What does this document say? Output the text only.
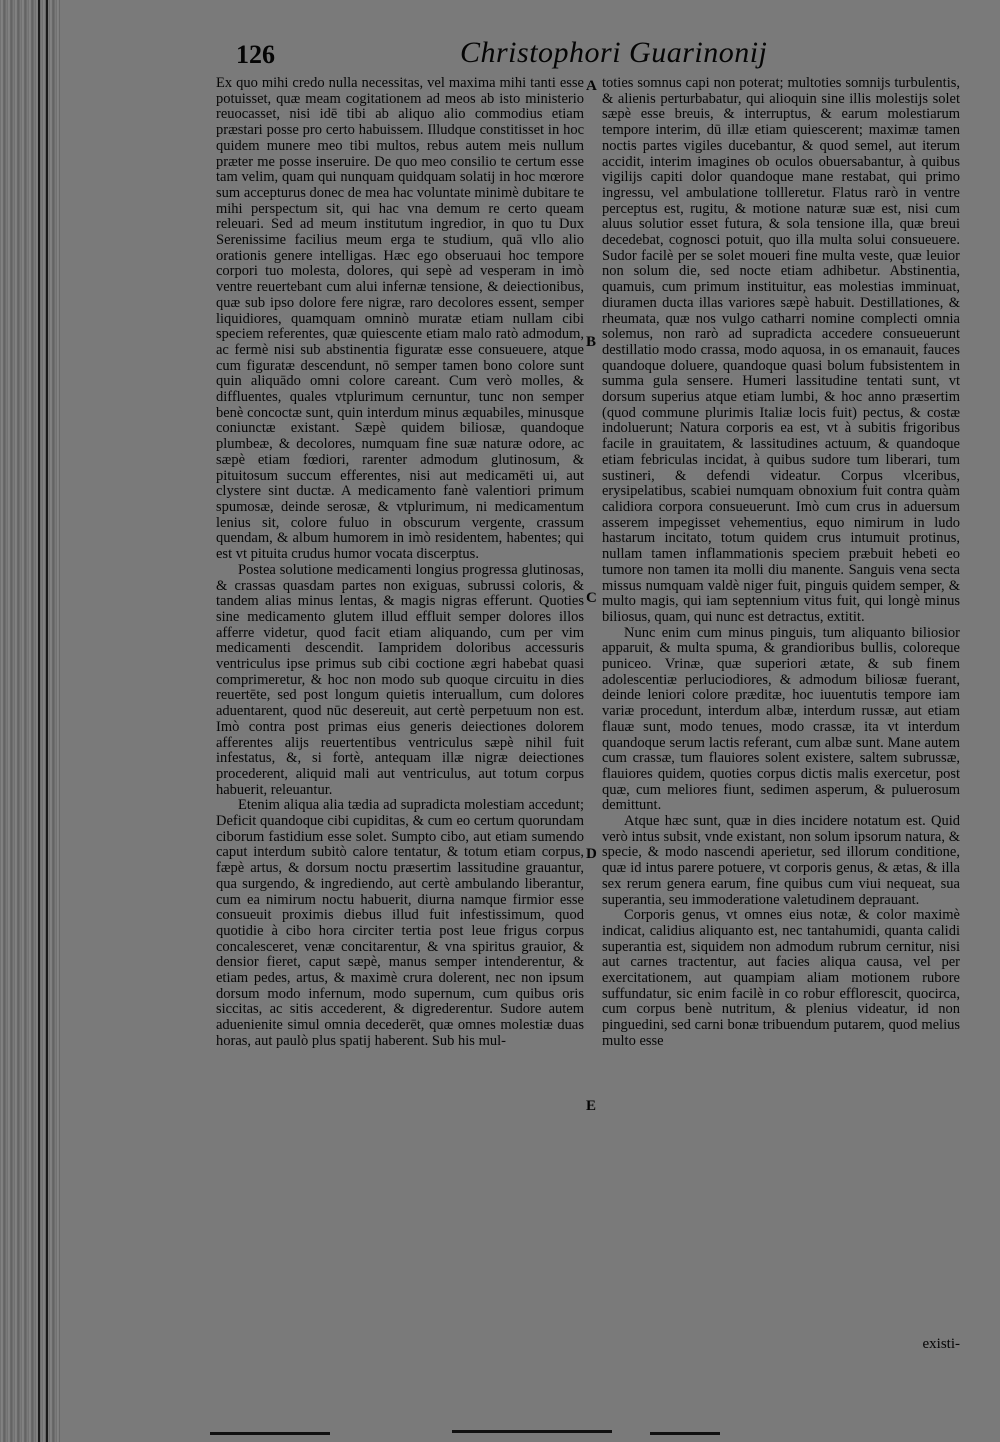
126	Christophori Guarinonij

Ex quo mihi credo nulla necessitas, vel maxima mihi tanti esse potuisset, quæ meam cogitationem ad meos ab isto ministerio reuocasset, nisi idē tibi ab aliquo alio commodius etiam præstari posse pro certo habuissem. Illudque constitisset in hoc quidem munere meo tibi multos, rebus autem meis nullum præter me posse inseruire. De quo meo consilio te certum esse tam velim, quam qui nunquam quidquam solatij in hoc mœrore sum accepturus donec de mea hac voluntate minimè dubitare te mihi perspectum sit, qui hac vna demum re certo queam releuari. Sed ad meum institutum ingredior, in quo tu Dux Serenissime facilius meum erga te studium, quā vllo alio orationis genere intelligas. Hæc ego obseruaui hoc tempore corpori tuo molesta, dolores, qui sepè ad vesperam in imò ventre reuertebant cum alui infernæ tensione, & deiectionibus, quæ sub ipso dolore fere nigræ, raro decolores essent, semper liquidiores, quamquam omninò muratæ etiam nullam cibi speciem referentes, quæ quiescente etiam malo ratò admodum, ac fermè nisi sub abstinentia figuratæ esse consueuere, atque cum figuratæ descendunt, nō semper tamen bono colore sunt quin aliquādo omni colore careant. Cum verò molles, & diffluentes, quales vtplurimum cernuntur, tunc non semper benè concoctæ sunt, quin interdum minus æquabiles, minusque coniunctæ existant. Sæpè quidem biliosæ, quandoque plumbeæ, & decolores, numquam fine suæ naturæ odore, ac sæpè etiam fœdiori, rarenter admodum glutinosum, & pituitosum succum efferentes, nisi aut medicamēti ui, aut clystere sint ductæ. A medicamento fanè valentiori primum spumosæ, deinde serosæ, & vtplurimum, ni medicamentum lenius sit, colore fuluo in obscurum vergente, crassum quendam, & album humorem in imò residentem, habentes; qui est vt pituita crudus humor vocata discerptus.

Postea solutione medicamenti longius progressa glutinosas, & crassas quasdam partes non exiguas, subrussi coloris, & tandem alias minus lentas, & magis nigras efferunt. Quoties sine medicamento glutem illud effluit semper dolores illos afferre videtur, quod facit etiam aliquando, cum per vim medicamenti descendit. Iampridem doloribus accessuris ventriculus ipse primus sub cibi coctione ægri habebat quasi comprimeretur, & hoc non modo sub quoque circuitu in dies reuertēte, sed post longum quietis interuallum, cum dolores aduentarent, quod nūc desereuit, aut certè perpetuum non est. Imò contra post primas eius generis deiectiones dolorem afferentes alijs reuertentibus ventriculus sæpè nihil fuit infestatus, &, si fortè, antequam illæ nigræ deiectiones procederent, aliquid mali aut ventriculus, aut totum corpus habuerit, releuantur.

Etenim aliqua alia tædia ad supradicta molestiam accedunt; Deficit quandoque cibi cupiditas, & cum eo certum quorundam ciborum fastidium esse solet. Sumpto cibo, aut etiam sumendo caput interdum subitò calore tentatur, & totum etiam corpus, fæpè artus, & dorsum noctu præsertim lassitudine grauantur, qua surgendo, & ingrediendo, aut certè ambulando liberantur, cum ea nimirum noctu habuerit, diurna namque firmior esse consueuit proximis diebus illud fuit infestissimum, quod quotidie à cibo hora circiter tertia post leue frigus corpus concalesceret, venæ concitarentur, & vna spiritus grauior, & densior fieret, caput sæpè, manus semper intenderentur, & etiam pedes, artus, & maximè crura dolerent, nec non ipsum dorsum modo infernum, modo supernum, cum quibus oris siccitas, ac sitis accederent, & digrederentur. Sudore autem aduenienite simul omnia decederēt, quæ omnes molestiæ duas horas, aut paulò plus spatij haberent. Sub his mul-

A
B
C
D
E

toties somnus capi non poterat; multoties somnijs turbulentis, & alienis perturbabatur, qui alioquin sine illis molestijs solet sæpè esse breuis, & interruptus, & earum molestiarum tempore interim, dū illæ etiam quiescerent; maximæ tamen noctis partes vigiles ducebantur, & quod semel, aut iterum accidit, interim imagines ob oculos obuersabantur, à quibus vigilijs capiti dolor quandoque mane restabat, qui primo ingressu, vel ambulatione tollleretur. Flatus rarò in ventre perceptus est, rugitu, & motione naturæ suæ est, nisi cum aluus solutior esset futura, & sola tensione illa, quæ breui decedebat, cognosci potuit, quo illa multa solui consueuere. Sudor facilè per se solet moueri fine multa veste, quæ leuior non solum die, sed nocte etiam adhibetur. Abstinentia, quamuis, cum primum instituitur, eas molestias imminuat, diuramen ducta illas variores sæpè habuit. Destillationes, & rheumata, quæ nos vulgo catharri nomine complecti omnia solemus, non rarò ad supradicta accedere consueuerunt destillatio modo crassa, modo aquosa, in os emanauit, fauces quandoque doluere, quandoque quasi bolum fubsistentem in summa gula sensere. Humeri lassitudine tentati sunt, vt dorsum superius atque etiam lumbi, & hoc anno præsertim (quod commune plurimis Italiæ locis fuit) pectus, & costæ indoluerunt; Natura corporis ea est, vt à subitis frigoribus facile in grauitatem, & lassitudines actuum, & quandoque etiam febriculas incidat, à quibus sudore tum liberari, tum sustineri, & defendi videatur. Corpus vlceribus, erysipelatibus, scabiei numquam obnoxium fuit contra quàm calidiora corpora consueuerunt. Imò cum crus in aduersum asserem impegisset vehementius, equo nimirum in ludo hastarum incitato, totum quidem crus intumuit protinus, nullam tamen inflammationis speciem præbuit hebeti eo tumore non tamen ita molli diu manente. Sanguis vena secta missus numquam valdè niger fuit, pinguis quidem semper, & multo magis, qui iam septennium vitus fuit, qui longè minus biliosus, quam, qui nunc est detractus, extitit.

Nunc enim cum minus pinguis, tum aliquanto biliosior apparuit, & multa spuma, & grandioribus bullis, coloreque puniceo. Vrinæ, quæ superiori ætate, & sub finem adolescentiæ perluciodiores, & admodum biliosæ fuerant, deinde leniori colore præditæ, hoc iuuentutis tempore iam variæ procedunt, interdum albæ, interdum russæ, aut etiam flauæ sunt, modo tenues, modo crassæ, ita vt interdum quandoque serum lactis referant, cum albæ sunt. Mane autem cum crassæ, tum flauiores solent existere, saltem subrussæ, flauiores quidem, quoties corpus dictis malis exercetur, post quæ, cum meliores fiunt, sedimen asperum, & puluerosum demittunt.

Atque hæc sunt, quæ in dies incidere notatum est. Quid verò intus subsit, vnde existant, non solum ipsorum natura, & specie, & modo nascendi aperietur, sed illorum conditione, quæ id intus parere potuere, vt corporis genus, & ætas, & illa sex rerum genera earum, fine quibus cum viui nequeat, sua superantia, seu immoderatione valetudinem deprauant.

Corporis genus, vt omnes eius notæ, & color maximè indicat, calidius aliquanto est, nec tantahumidi, quanta calidi superantia est, siquidem non admodum rubrum cernitur, nisi aut carnes tractentur, aut facies aliqua causa, vel per exercitationem, aut quampiam aliam motionem rubore suffundatur, sic enim facilè in co robur efflorescit, quocirca, cum corpus benè nutritum, & plenius videatur, id non pinguedini, sed carni bonæ tribuendum putarem, quod melius multo esse

existi-
